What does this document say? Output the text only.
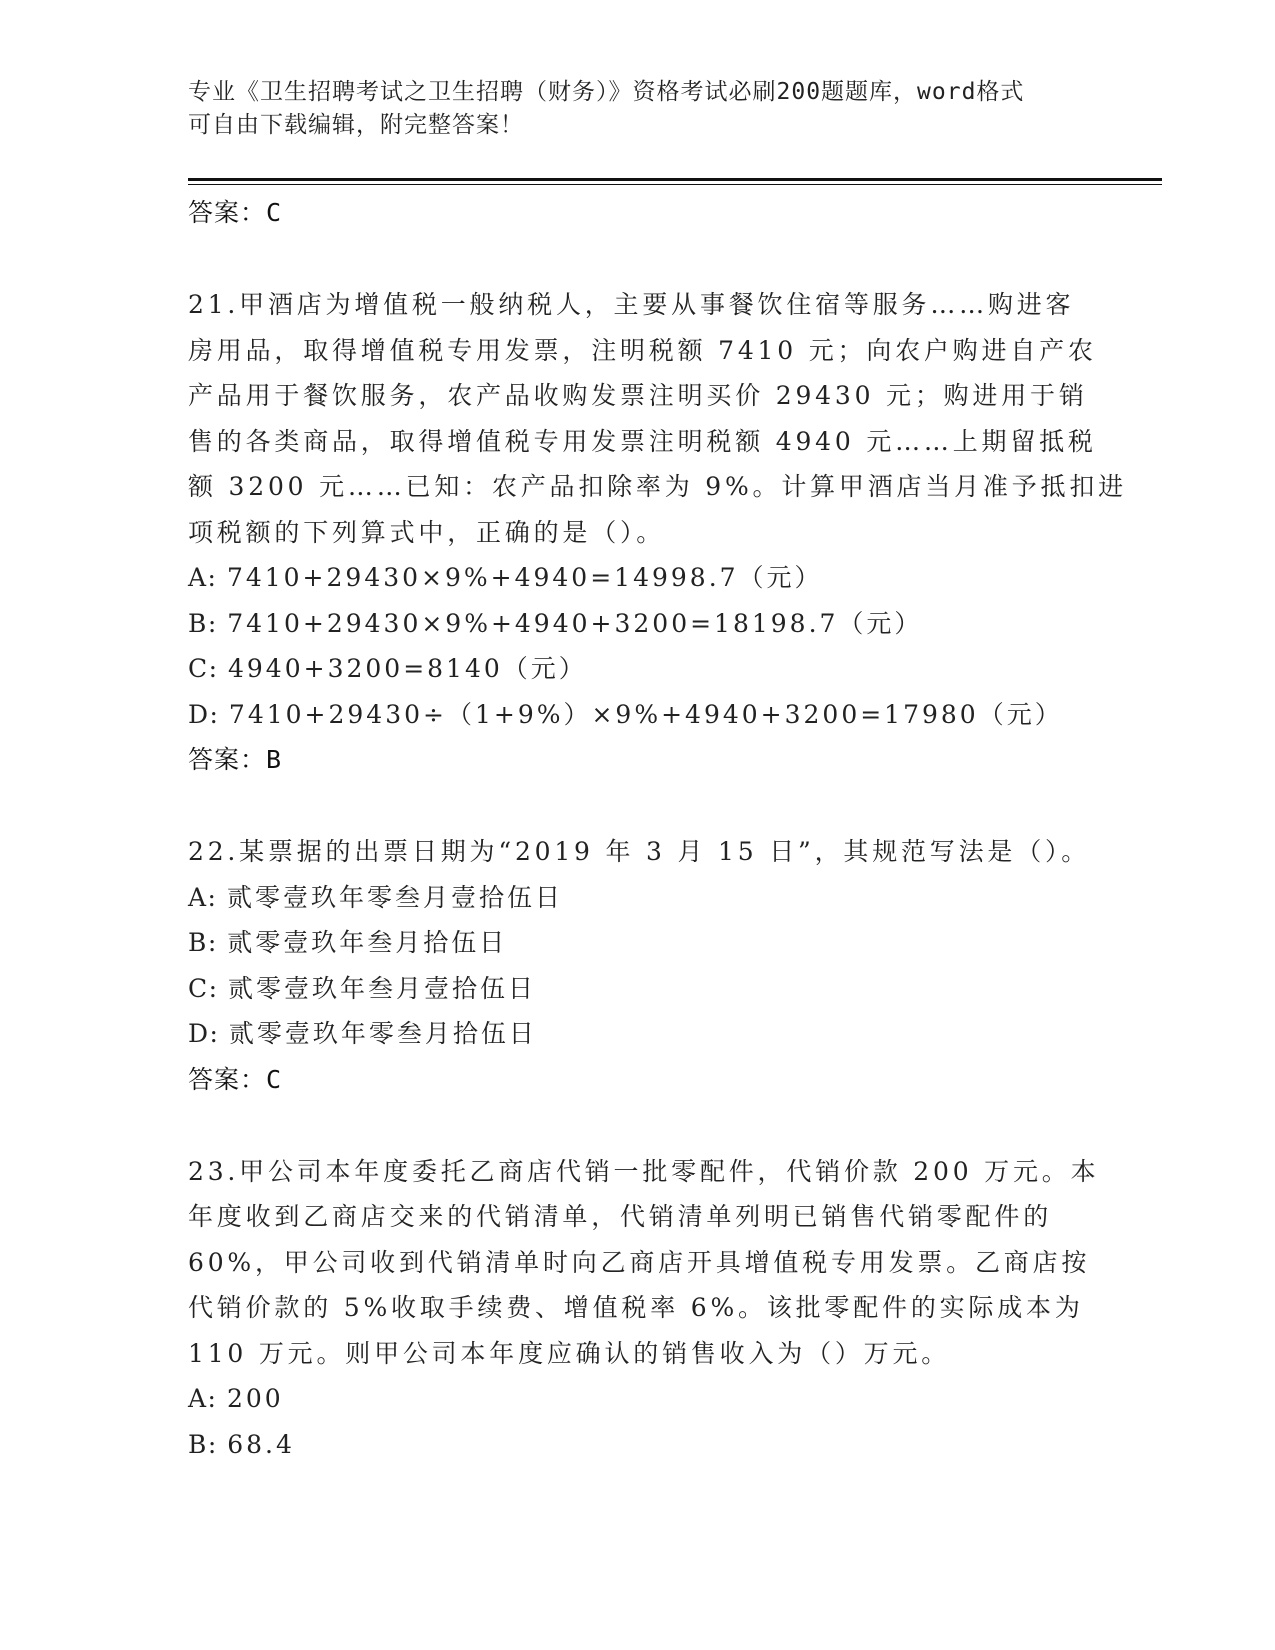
专业《卫生招聘考试之卫生招聘（财务）》资格考试必刷200题题库，word格式
可自由下载编辑，附完整答案！
答案：C
21.甲酒店为增值税一般纳税人，主要从事餐饮住宿等服务……购进客
房用品，取得增值税专用发票，注明税额 7410 元；向农户购进自产农
产品用于餐饮服务，农产品收购发票注明买价 29430 元；购进用于销
售的各类商品，取得增值税专用发票注明税额 4940 元……上期留抵税
额 3200 元……已知：农产品扣除率为 9%。计算甲酒店当月准予抵扣进
项税额的下列算式中，正确的是（）。
A: 7410+29430×9%+4940=14998.7（元）
B: 7410+29430×9%+4940+3200=18198.7（元）
C: 4940+3200=8140（元）
D: 7410+29430÷（1+9%）×9%+4940+3200=17980（元）
答案：B
22.某票据的出票日期为“2019 年 3 月 15 日”，其规范写法是（）。
A: 贰零壹玖年零叁月壹拾伍日
B: 贰零壹玖年叁月拾伍日
C: 贰零壹玖年叁月壹拾伍日
D: 贰零壹玖年零叁月拾伍日
答案：C
23.甲公司本年度委托乙商店代销一批零配件，代销价款 200 万元。本
年度收到乙商店交来的代销清单，代销清单列明已销售代销零配件的
60%，甲公司收到代销清单时向乙商店开具增值税专用发票。乙商店按
代销价款的 5%收取手续费、增值税率 6%。该批零配件的实际成本为
110 万元。则甲公司本年度应确认的销售收入为（）万元。
A: 200
B: 68.4
